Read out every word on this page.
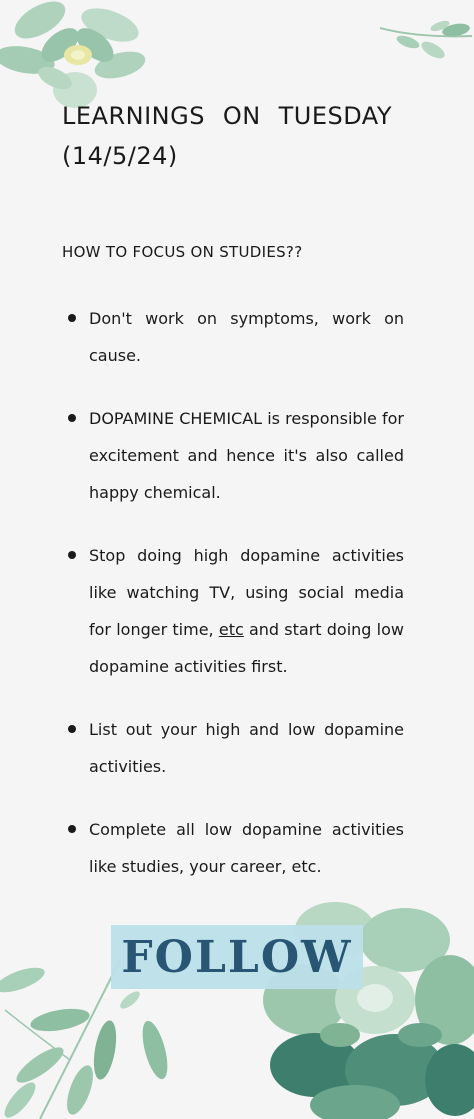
LEARNINGS ON TUESDAY
(14/5/24)

HOW TO FOCUS ON STUDIES??

Don't work on symptoms, work on cause.
DOPAMINE CHEMICAL is responsible for excitement and hence it's also called happy chemical.
Stop doing high dopamine activities like watching TV, using social media for longer time, etc and start doing low dopamine activities first.
List out your high and low dopamine activities.
Complete all low dopamine activities like studies, your career, etc.
FOLLOW
